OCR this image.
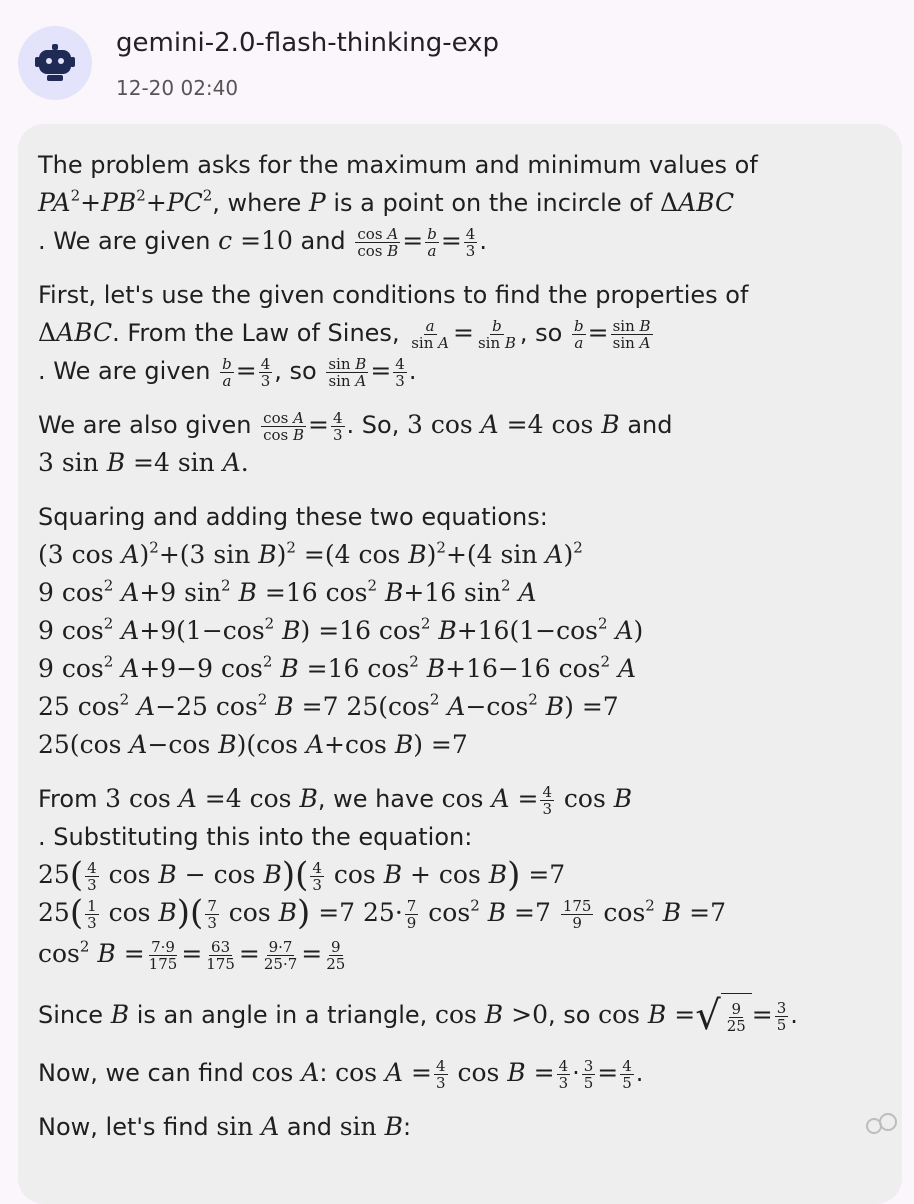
gemini-2.0-flash-thinking-exp
12-20 02:40
The problem asks for the maximum and minimum values of
$PA^2+PB^2+PC^2$, where P is a point on the incircle of ΔABC
. We are given c =10 and $\frac{\text{cos A}}{\text{cos B}} = \frac{b}{a} = \frac{4}{3}$ .
First, let's use the given conditions to find the properties of
ΔABC. From the Law of Sines, $\frac{a}{\text{sin A}} = \frac{b}{\text{sin B}}$ , so $\frac{b}{a} = \frac{\text{sin B}}{\text{sin A}}$
. We are given $\frac{b}{a} = \frac{4}{3}$ , so $\frac{\text{sin B}}{\text{sin A}} = \frac{4}{3}$ .
We are also given $\frac{\text{cos A}}{\text{cos B}} = \frac{4}{3}$ . So, 3 cos A =4 cos B and
3 sin B =4 sin A.
Squaring and adding these two equations:
(3 cos A)$^2$+(3 sin B)$^2$ =(4 cos B)$^2$+(4 sin A)$^2$
9 $\cos^2 A+9$ $\sin^2 B =16$ $\cos^2 B+16$ $\sin^2 A$
9 $\cos^2 A+9(1-\cos^2$ B) =16 $\cos^2 B+16(1-\cos^2$ A)
9 $\cos^2 A+9-9$ $\cos^2 B =16$ $\cos^2 B+16-16$ $\cos^2 A$
25 $\cos^2 A-25$ $\cos^2 B =7$ $25(\cos^2$ $A-\cos^2$ B) =7
25(cos A−cos B)(cos A+cos B) =7
From 3 cos A =4 cos B, we have $\cos A = \frac{4}{3}$ cos B
. Substituting this into the equation:
$25( \frac{4}{3}$ $\cos B - \cos B)( \frac{4}{3}$ cos B + cos B) =7
$25( \frac{1}{3}$ $\cos B)( \frac{7}{3}$ cos B) =7 $25\cdot \frac{7}{9} \cos^2 B =7 \frac{175}{9} \cos^2 B =7$
$\cos^2 B = \frac{7\cdot 9}{175} = \frac{63}{175} = \frac{9\cdot 7}{25\cdot 7} = \frac{9}{25}$
Since B is an angle in a triangle, cos B >0, so cos B = √ $\frac{9}{25} = \frac{3}{5}$ .
Now, we can find cos A: $\cos A = \frac{4}{3}$ $\cos B = \frac{4}{3} \cdot \frac{3}{5} = \frac{4}{5}$ .
Now, let's find sin A and sin B:
